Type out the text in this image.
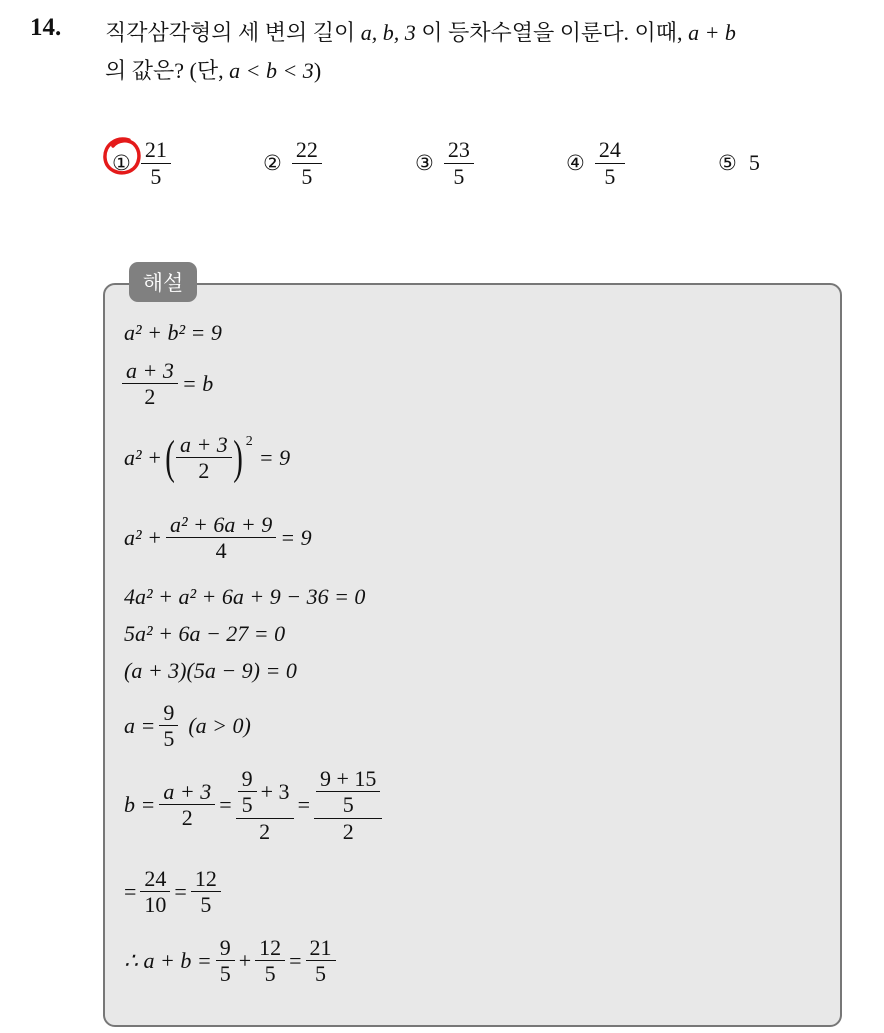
14. 직각삼각형의 세 변의 길이 a, b, 3 이 등차수열을 이룬다. 이때, a + b
의 값은? (단, a < b < 3)
① $\frac{21}{5}$	② $\frac{22}{5}$	③ $\frac{23}{5}$	④ $\frac{24}{5}$	⑤ 5
해설
a² + b² = 9
$\frac{a + 3}{2} = b$
a² + ( $\frac{a + 3}{2}$ ) 2
= 9
$a^2 + \frac{\text{a² + 6a + 9}}{4} = 9$
4a² + a² + 6a + 9 − 36 = 0
5a² + 6a − 27 = 0
(a + 3)(5a − 9) = 0
$a = \frac{9}{5} (a > 0)$
$b = \frac{a + 3}{2} = \frac{\frac{9}{5} + 3}{2} = \frac{\frac{9 + 15}{5}}{2}$
= $\frac{24}{10} = \frac{12}{5}$
∴ $a + b = \frac{9}{5} + \frac{12}{5} = \frac{21}{5}$
